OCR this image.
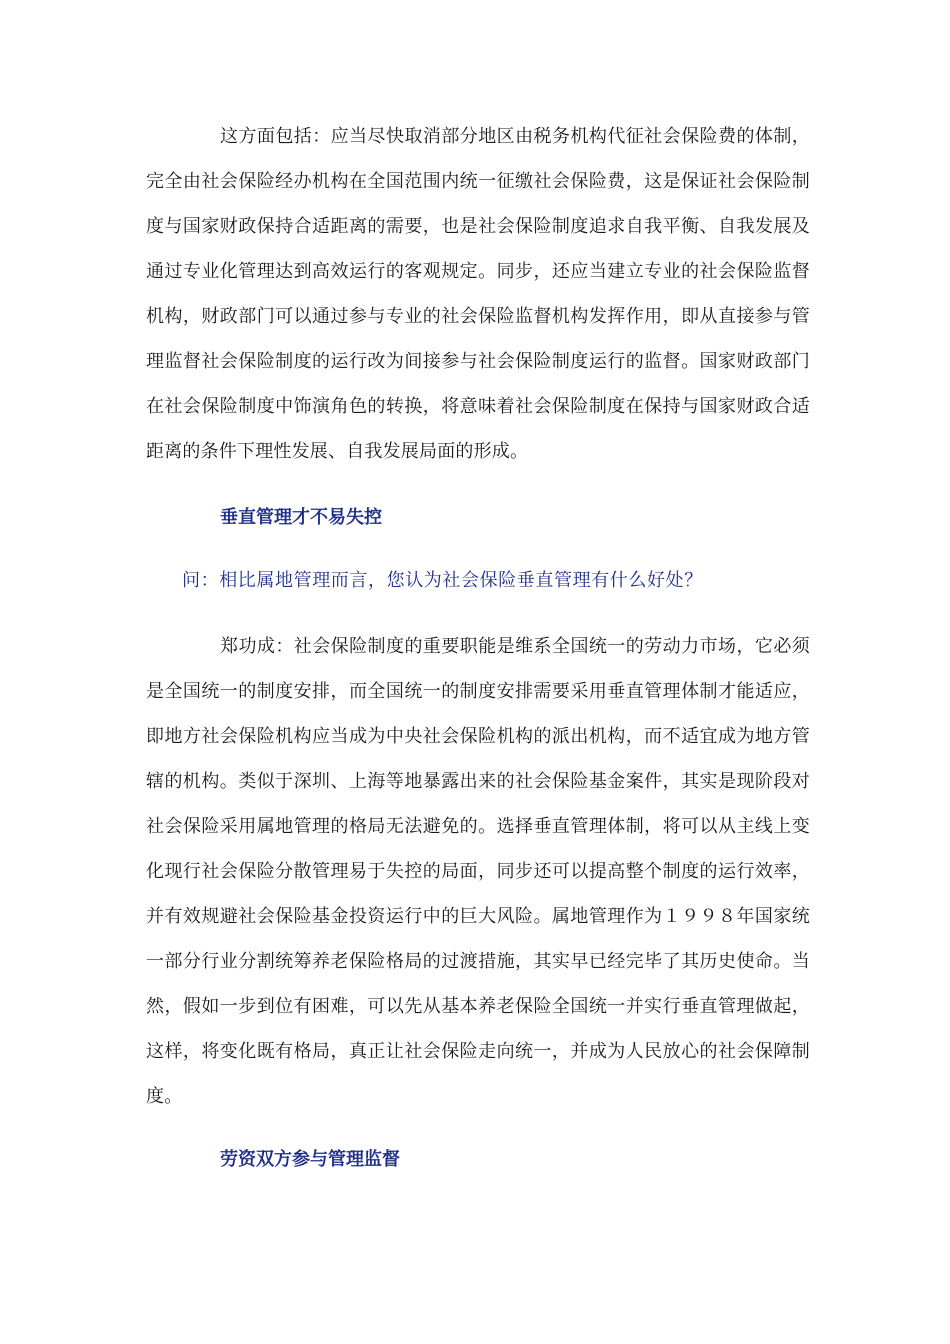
这方面包括：应当尽快取消部分地区由税务机构代征社会保险费的体制，完全由社会保险经办机构在全国范围内统一征缴社会保险费，这是保证社会保险制度与国家财政保持合适距离的需要，也是社会保险制度追求自我平衡、自我发展及通过专业化管理达到高效运行的客观规定。同步，还应当建立专业的社会保险监督机构，财政部门可以通过参与专业的社会保险监督机构发挥作用，即从直接参与管理监督社会保险制度的运行改为间接参与社会保险制度运行的监督。国家财政部门在社会保险制度中饰演角色的转换，将意味着社会保险制度在保持与国家财政合适距离的条件下理性发展、自我发展局面的形成。

垂直管理才不易失控

问：相比属地管理而言，您认为社会保险垂直管理有什么好处？

郑功成：社会保险制度的重要职能是维系全国统一的劳动力市场，它必须是全国统一的制度安排，而全国统一的制度安排需要采用垂直管理体制才能适应，即地方社会保险机构应当成为中央社会保险机构的派出机构，而不适宜成为地方管辖的机构。类似于深圳、上海等地暴露出来的社会保险基金案件，其实是现阶段对社会保险采用属地管理的格局无法避免的。选择垂直管理体制，将可以从主线上变化现行社会保险分散管理易于失控的局面，同步还可以提高整个制度的运行效率，并有效规避社会保险基金投资运行中的巨大风险。属地管理作为１９９８年国家统一部分行业分割统筹养老保险格局的过渡措施，其实早已经完毕了其历史使命。当然，假如一步到位有困难，可以先从基本养老保险全国统一并实行垂直管理做起，这样，将变化既有格局，真正让社会保险走向统一，并成为人民放心的社会保障制度。

劳资双方参与管理监督
